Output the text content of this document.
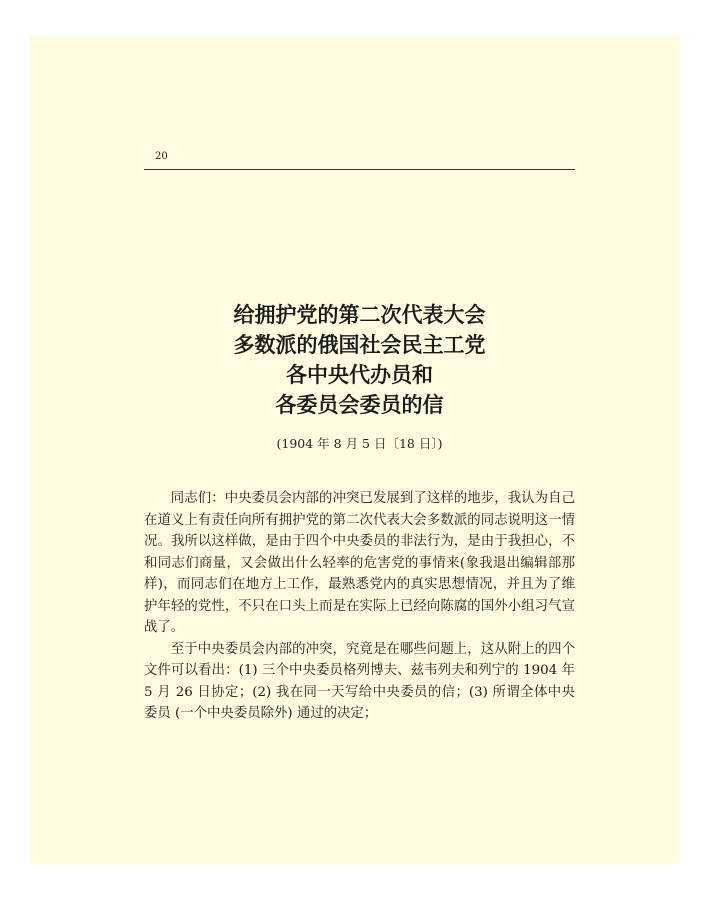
20
给拥护党的第二次代表大会
多数派的俄国社会民主工党
各中央代办员和
各委员会委员的信
(1904 年 8 月 5 日〔18 日〕)

同志们：中央委员会内部的冲突已发展到了这样的地步，我认为自己在道义上有责任向所有拥护党的第二次代表大会多数派的同志说明这一情况。我所以这样做，是由于四个中央委员的非法行为，是由于我担心，不和同志们商量，又会做出什么轻率的危害党的事情来(象我退出编辑部那样)，而同志们在地方上工作，最熟悉党内的真实思想情况，并且为了维护年轻的党性，不只在口头上而是在实际上已经向陈腐的国外小组习气宣战了。

至于中央委员会内部的冲突，究竟是在哪些问题上，这从附上的四个文件可以看出：(1) 三个中央委员格列博夫、兹韦列夫和列宁的 1904 年 5 月 26 日协定；(2) 我在同一天写给中央委员的信；(3) 所谓全体中央委员 (一个中央委员除外) 通过的决定；
